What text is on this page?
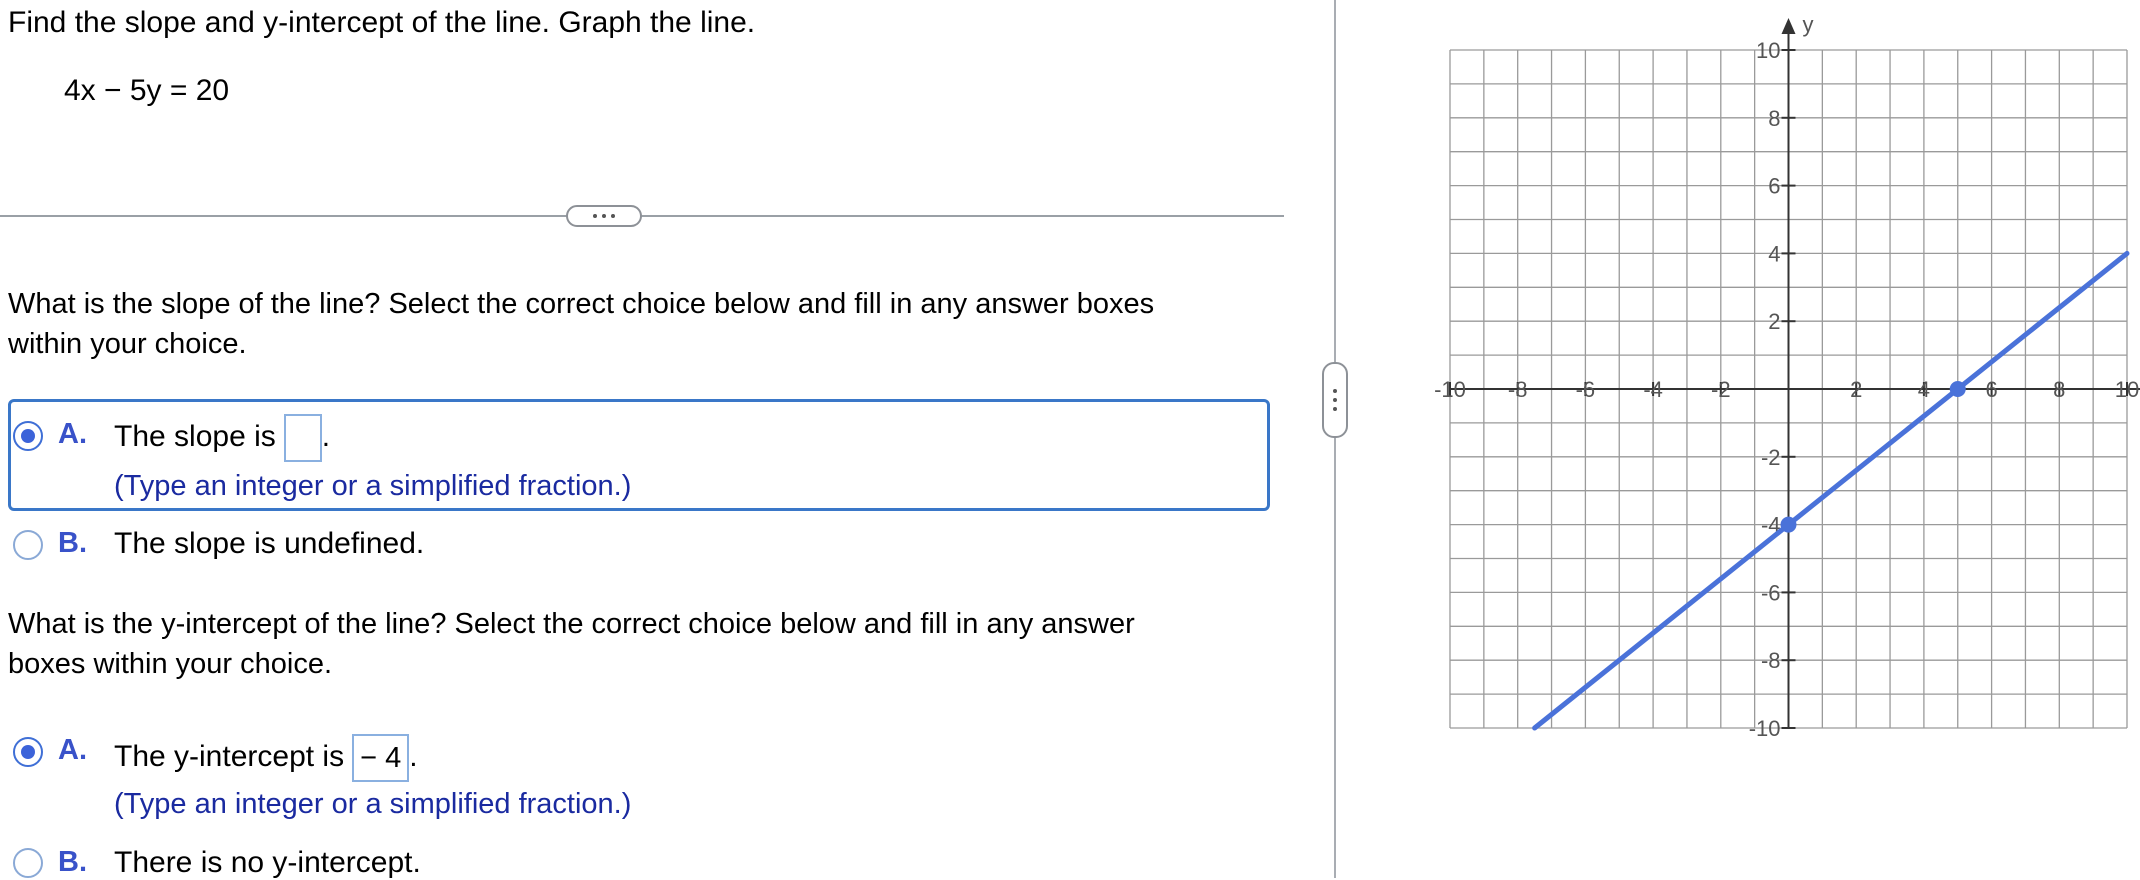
Find the slope and y-intercept of the line. Graph the line.
4x − 5y = 20
What is the slope of the line? Select the correct choice below and fill in any answer boxes
within your choice.
A. The slope is .
(Type an integer or a simplified fraction.)
B. The slope is undefined.
What is the y-intercept of the line? Select the correct choice below and fill in any answer
boxes within your choice.
A. The y-intercept is − 4 .
(Type an integer or a simplified fraction.)
B. There is no y-intercept.
y
-10 -8 -6 -4 -2	2	4	6	8 10
10
8
6
4
2
-2
-4
-6
-8
-10
